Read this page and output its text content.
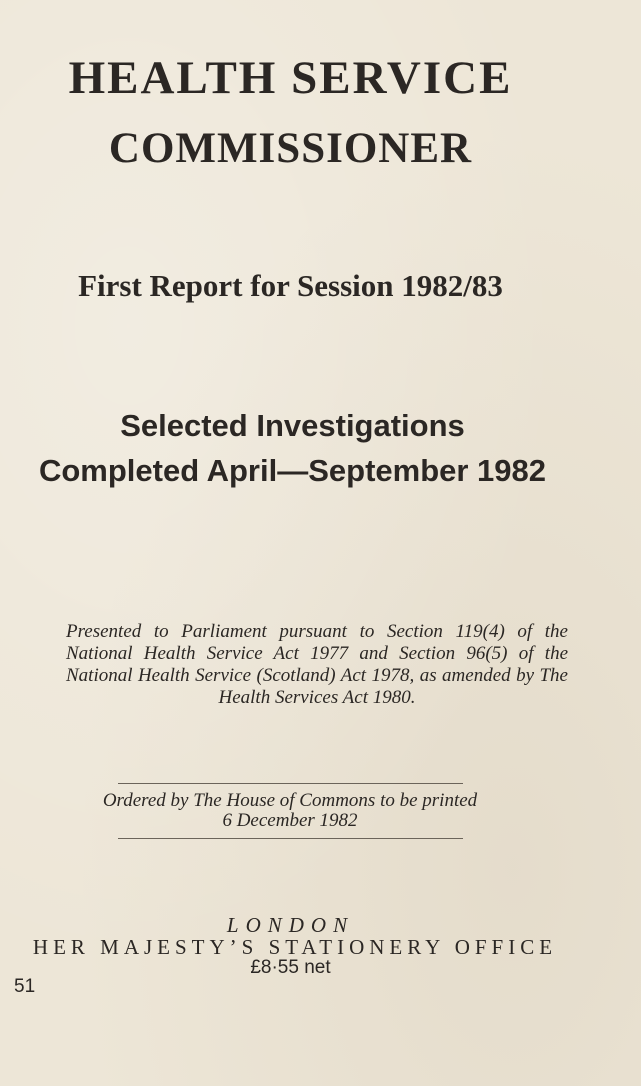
HEALTH SERVICE
COMMISSIONER
First Report for Session 1982/83
Selected Investigations
Completed April—September 1982
Presented to Parliament pursuant to Section 119(4) of the National Health Service Act 1977 and Section 96(5) of the National Health Service (Scotland) Act 1978, as amended by The Health Services Act 1980.
Ordered by The House of Commons to be printed
6 December 1982
LONDON
HER MAJESTY’S STATIONERY OFFICE
£8·55 net
51
